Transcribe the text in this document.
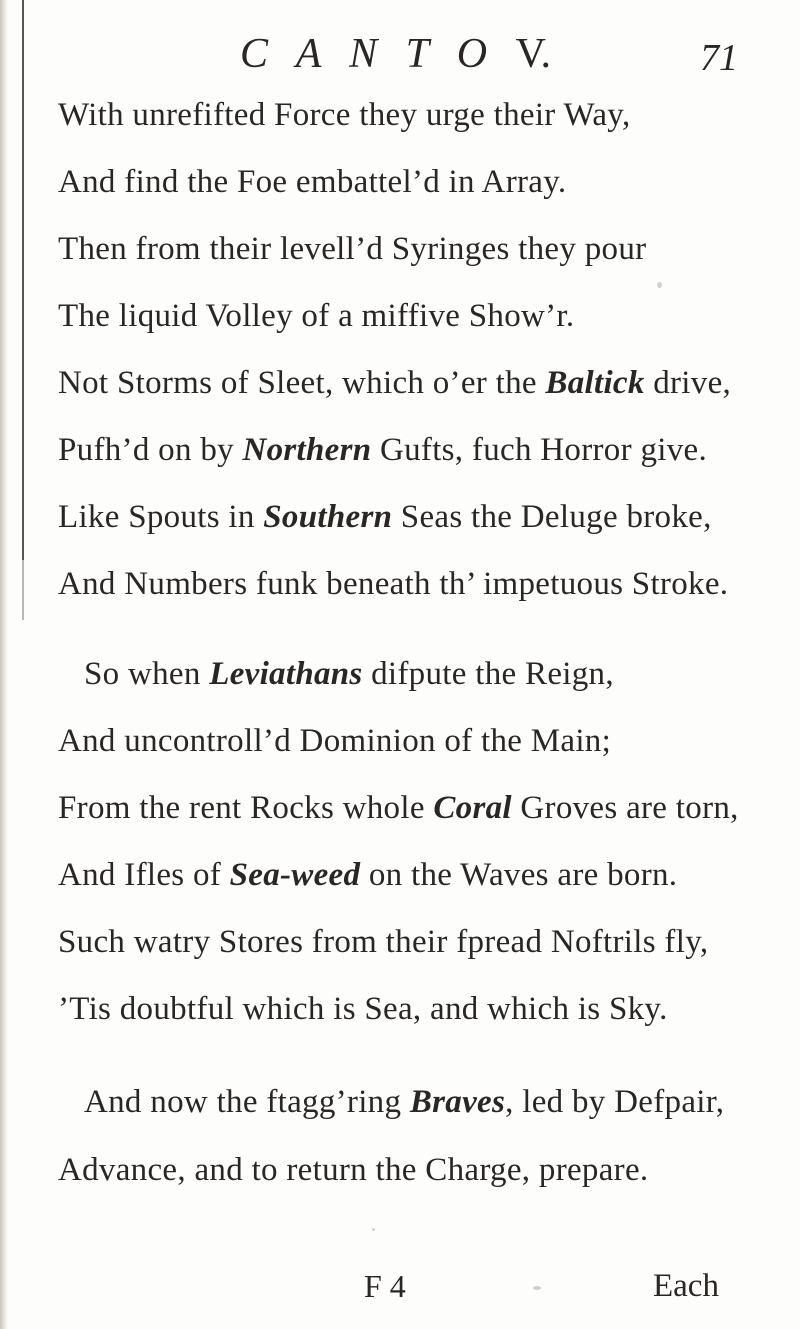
C A N T O V.	71
With unrefifted Force they urge their Way,
And find the Foe embattel’d in Array.
Then from their levell’d Syringes they pour
The liquid Volley of a miffive Show’r.
Not Storms of Sleet, which o’er the Baltick drive,
Pufh’d on by Northern Gufts, fuch Horror give.
Like Spouts in Southern Seas the Deluge broke,
And Numbers funk beneath th’ impetuous Stroke.
So when Leviathans difpute the Reign,
And uncontroll’d Dominion of the Main;
From the rent Rocks whole Coral Groves are torn,
And Ifles of Sea-weed on the Waves are born.
Such watry Stores from their fpread Noftrils fly,
’Tis doubtful which is Sea, and which is Sky.
And now the ftagg’ring Braves, led by Defpair,
Advance, and to return the Charge, prepare.
F 4	Each
